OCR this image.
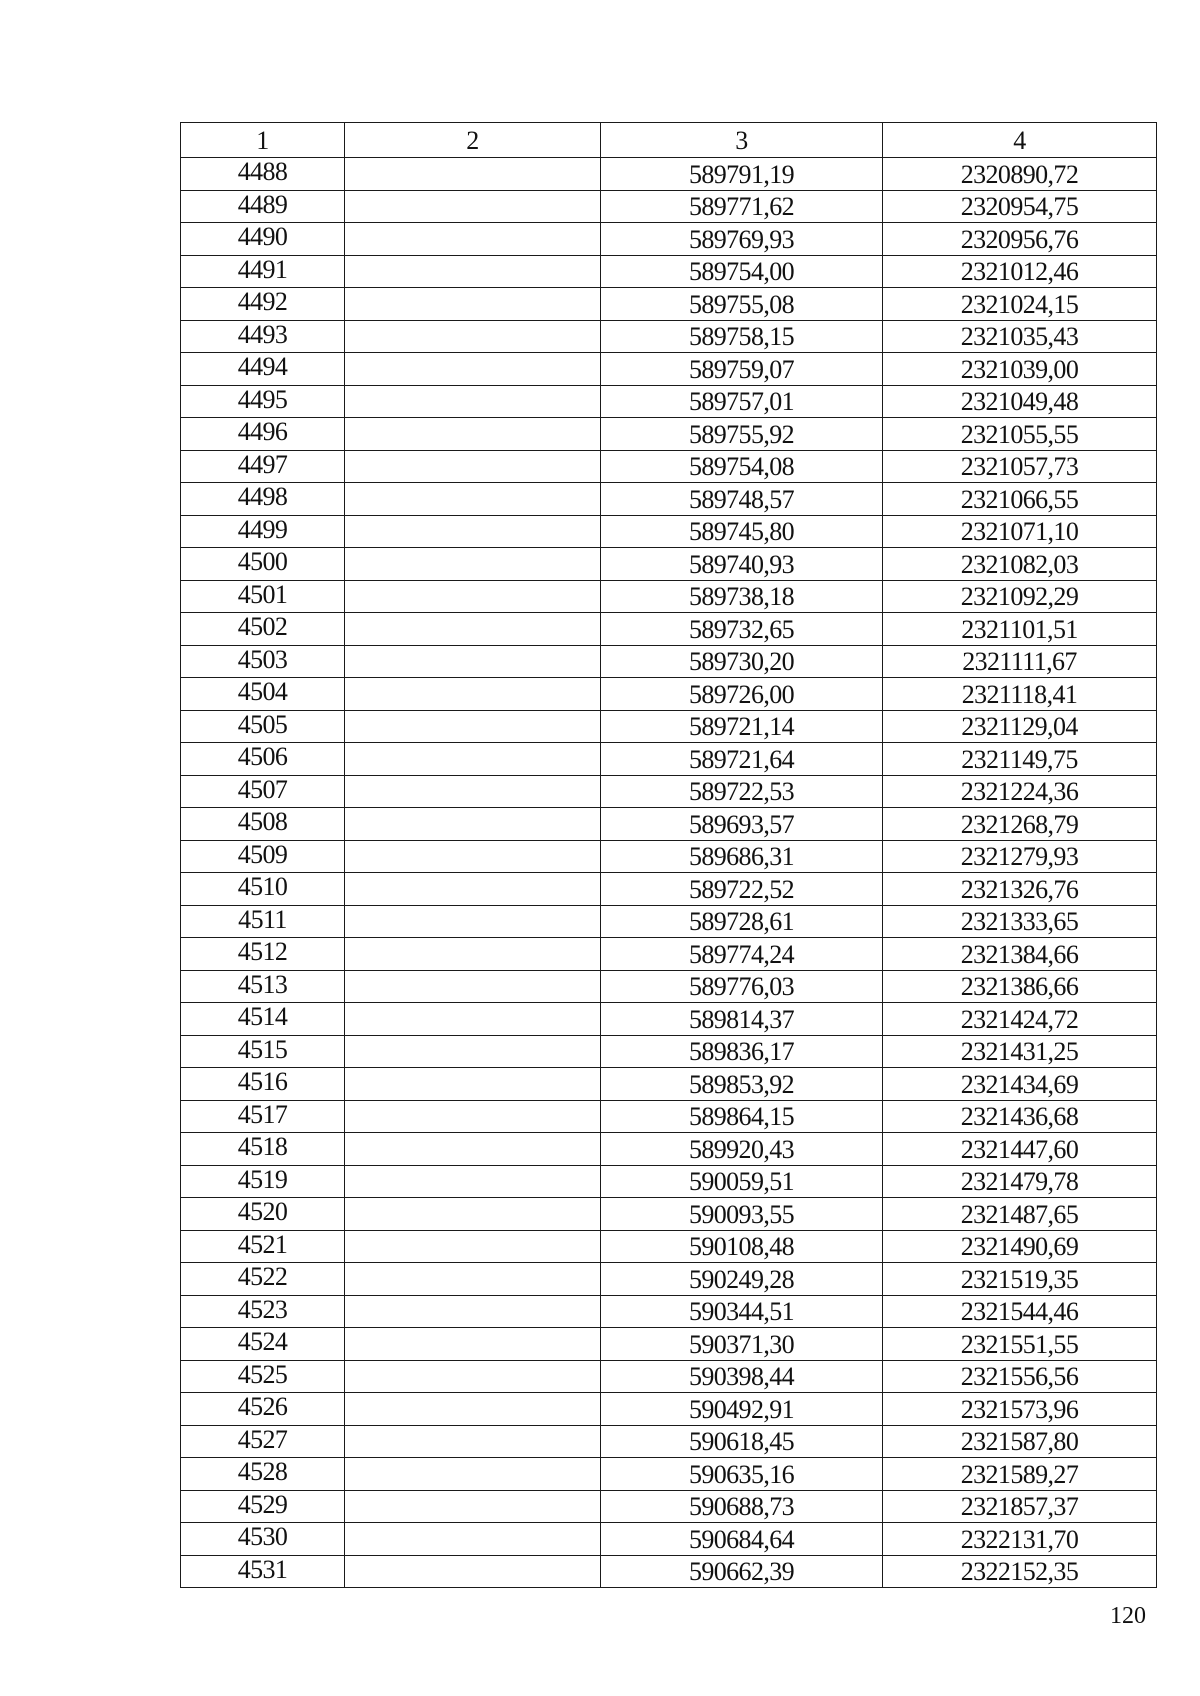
1	2	3	4
4488		589791,19	2320890,72
4489		589771,62	2320954,75
4490		589769,93	2320956,76
4491		589754,00	2321012,46
4492		589755,08	2321024,15
4493		589758,15	2321035,43
4494		589759,07	2321039,00
4495		589757,01	2321049,48
4496		589755,92	2321055,55
4497		589754,08	2321057,73
4498		589748,57	2321066,55
4499		589745,80	2321071,10
4500		589740,93	2321082,03
4501		589738,18	2321092,29
4502		589732,65	2321101,51
4503		589730,20	2321111,67
4504		589726,00	2321118,41
4505		589721,14	2321129,04
4506		589721,64	2321149,75
4507		589722,53	2321224,36
4508		589693,57	2321268,79
4509		589686,31	2321279,93
4510		589722,52	2321326,76
4511		589728,61	2321333,65
4512		589774,24	2321384,66
4513		589776,03	2321386,66
4514		589814,37	2321424,72
4515		589836,17	2321431,25
4516		589853,92	2321434,69
4517		589864,15	2321436,68
4518		589920,43	2321447,60
4519		590059,51	2321479,78
4520		590093,55	2321487,65
4521		590108,48	2321490,69
4522		590249,28	2321519,35
4523		590344,51	2321544,46
4524		590371,30	2321551,55
4525		590398,44	2321556,56
4526		590492,91	2321573,96
4527		590618,45	2321587,80
4528		590635,16	2321589,27
4529		590688,73	2321857,37
4530		590684,64	2322131,70
4531		590662,39	2322152,35
120
